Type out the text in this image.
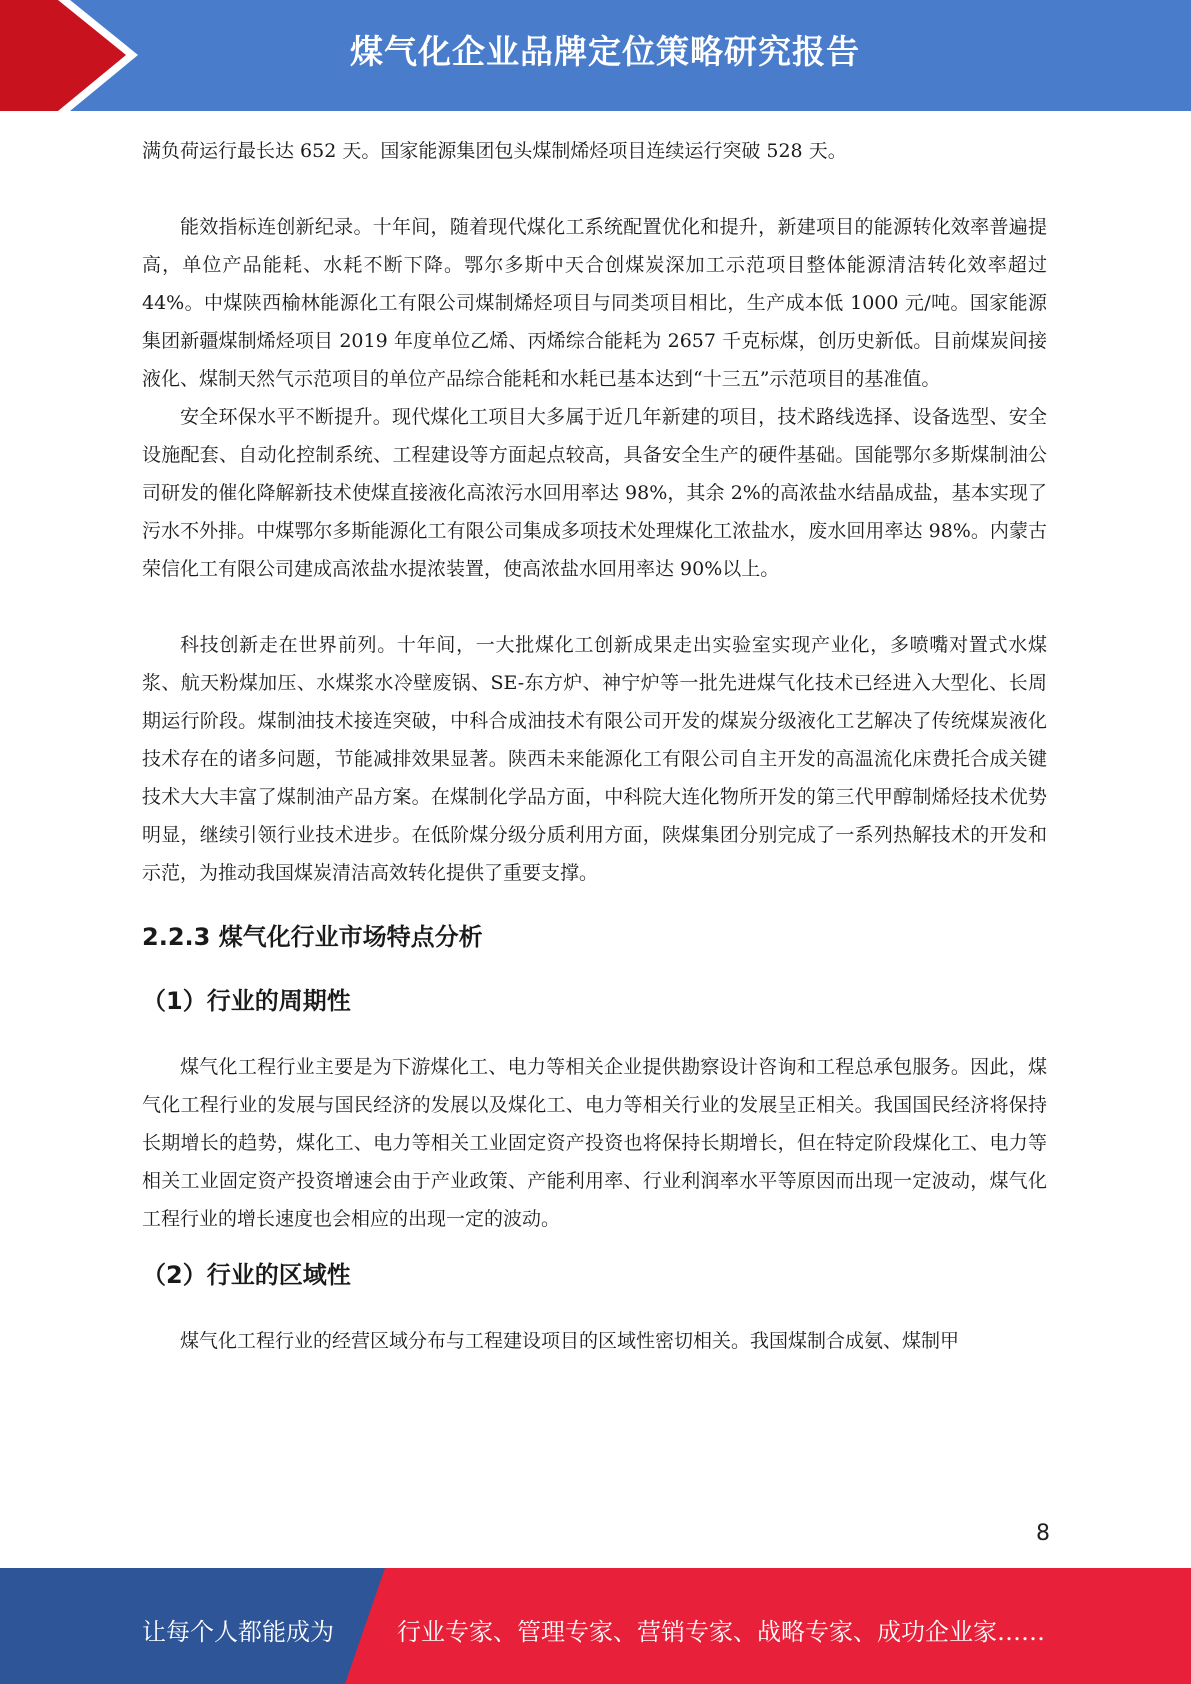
煤气化企业品牌定位策略研究报告

满负荷运行最长达 652 天。国家能源集团包头煤制烯烃项目连续运行突破 528 天。

能效指标连创新纪录。十年间，随着现代煤化工系统配置优化和提升，新建项目的能源转化效率普遍提高，单位产品能耗、水耗不断下降。鄂尔多斯中天合创煤炭深加工示范项目整体能源清洁转化效率超过 44%。中煤陕西榆林能源化工有限公司煤制烯烃项目与同类项目相比，生产成本低 1000 元/吨。国家能源集团新疆煤制烯烃项目 2019 年度单位乙烯、丙烯综合能耗为 2657 千克标煤，创历史新低。目前煤炭间接液化、煤制天然气示范项目的单位产品综合能耗和水耗已基本达到“十三五”示范项目的基准值。

安全环保水平不断提升。现代煤化工项目大多属于近几年新建的项目，技术路线选择、设备选型、安全设施配套、自动化控制系统、工程建设等方面起点较高，具备安全生产的硬件基础。国能鄂尔多斯煤制油公司研发的催化降解新技术使煤直接液化高浓污水回用率达 98%，其余 2%的高浓盐水结晶成盐，基本实现了污水不外排。中煤鄂尔多斯能源化工有限公司集成多项技术处理煤化工浓盐水，废水回用率达 98%。内蒙古荣信化工有限公司建成高浓盐水提浓装置，使高浓盐水回用率达 90%以上。

科技创新走在世界前列。十年间，一大批煤化工创新成果走出实验室实现产业化，多喷嘴对置式水煤浆、航天粉煤加压、水煤浆水冷壁废锅、SE-东方炉、神宁炉等一批先进煤气化技术已经进入大型化、长周期运行阶段。煤制油技术接连突破，中科合成油技术有限公司开发的煤炭分级液化工艺解决了传统煤炭液化技术存在的诸多问题，节能减排效果显著。陕西未来能源化工有限公司自主开发的高温流化床费托合成关键技术大大丰富了煤制油产品方案。在煤制化学品方面，中科院大连化物所开发的第三代甲醇制烯烃技术优势明显，继续引领行业技术进步。在低阶煤分级分质利用方面，陕煤集团分别完成了一系列热解技术的开发和示范，为推动我国煤炭清洁高效转化提供了重要支撑。

2.2.3 煤气化行业市场特点分析
（1）行业的周期性

煤气化工程行业主要是为下游煤化工、电力等相关企业提供勘察设计咨询和工程总承包服务。因此，煤气化工程行业的发展与国民经济的发展以及煤化工、电力等相关行业的发展呈正相关。我国国民经济将保持长期增长的趋势，煤化工、电力等相关工业固定资产投资也将保持长期增长，但在特定阶段煤化工、电力等相关工业固定资产投资增速会由于产业政策、产能利用率、行业利润率水平等原因而出现一定波动，煤气化工程行业的增长速度也会相应的出现一定的波动。

（2）行业的区域性

煤气化工程行业的经营区域分布与工程建设项目的区域性密切相关。我国煤制合成氨、煤制甲

8
让每个人都能成为	行业专家、管理专家、营销专家、战略专家、成功企业家……
